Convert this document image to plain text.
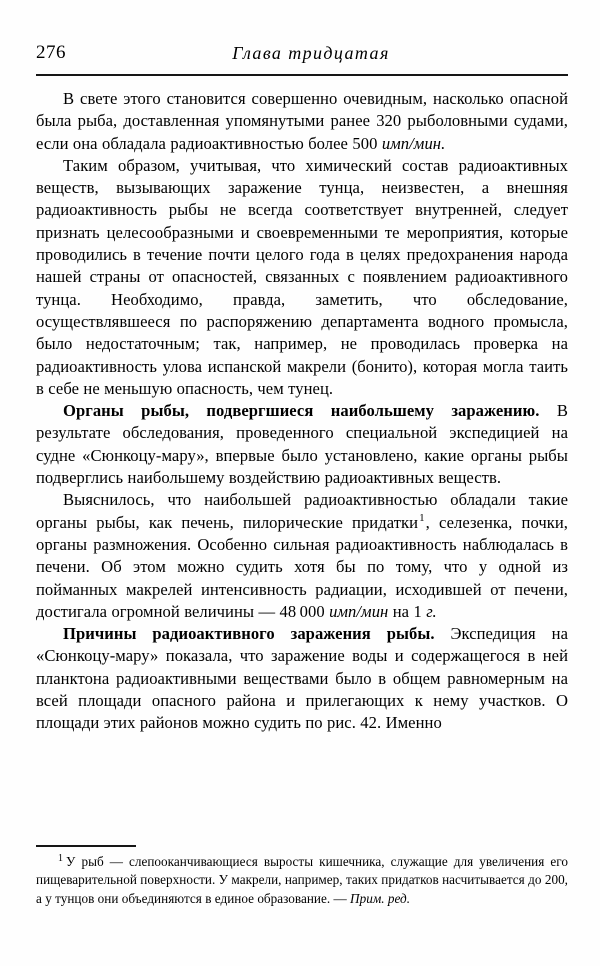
276	Глава тридцатая

В свете этого становится совершенно очевидным, насколько опасной была рыба, доставленная упомянутыми ранее 320 рыболовными судами, если она обладала радиоактивностью более 500 имп/мин.

Таким образом, учитывая, что химический состав радиоактивных веществ, вызывающих заражение тунца, неизвестен, а внешняя радиоактивность рыбы не всегда соответствует внутренней, следует признать целесообразными и своевременными те мероприятия, которые проводились в течение почти целого года в целях предохранения народа нашей страны от опасностей, связанных с появлением радиоактивного тунца. Необходимо, правда, заметить, что обследование, осуществлявшееся по распоряжению департамента водного промысла, было недостаточным; так, например, не проводилась проверка на радиоактивность улова испанской макрели (бонито), которая могла таить в себе не меньшую опасность, чем тунец.

Органы рыбы, подвергшиеся наибольшему заражению. В результате обследования, проведенного специальной экспедицией на судне «Сюнкоцу-мару», впервые было установлено, какие органы рыбы подверглись наибольшему воздействию радиоактивных веществ.

Выяснилось, что наибольшей радиоактивностью обладали такие органы рыбы, как печень, пилорические придатки$^1$, селезенка, почки, органы размножения. Особенно сильная радиоактивность наблюдалась в печени. Об этом можно судить хотя бы по тому, что у одной из пойманных макрелей интенсивность радиации, исходившей от печени, достигала огромной величины — 48 000 имп/мин на 1 г.

Причины радиоактивного заражения рыбы. Экспедиция на «Сюнкоцу-мару» показала, что заражение воды и содержащегося в ней планктона радиоактивными веществами было в общем равномерным на всей площади опасного района и прилегающих к нему участков. О площади этих районов можно судить по рис. 42. Именно

$^1$ У рыб — слепооканчивающиеся выросты кишечника, служащие для увеличения его пищеварительной поверхности. У макрели, например, таких придатков насчитывается до 200, а у тунцов они объединяются в единое образование. — Прим. ред.
